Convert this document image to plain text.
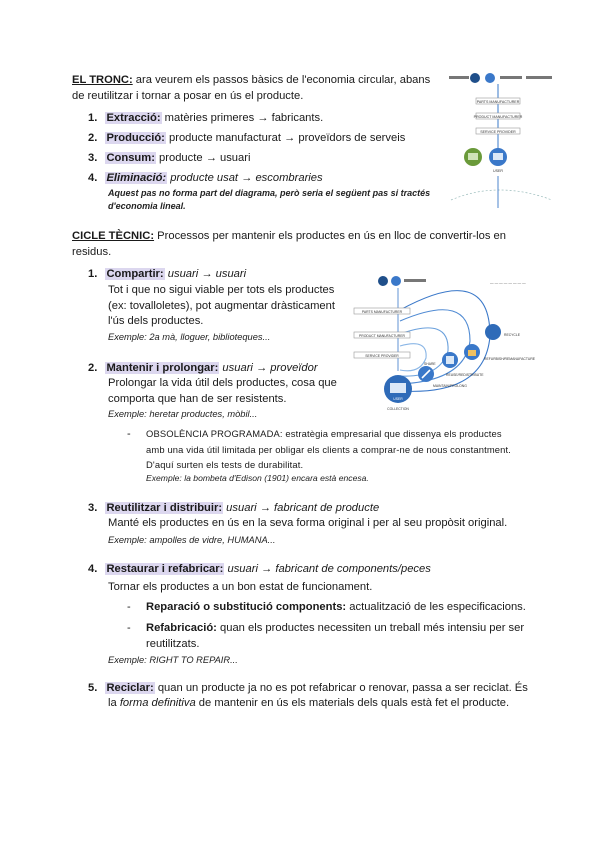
EL TRONC: ara veurem els passos bàsics de l'economia circular, abans
de reutilitzar i tornar a posar en ús el producte.
1. Extracció: matèries primeres → fabricants.
2. Producció: producte manufacturat → proveïdors de serveis
3. Consum: producte → usuari
4. Eliminació: producte usat → escombraries
Aquest pas no forma part del diagrama, però seria el següent pas si tractés
d'economia lineal.
PARTS MANUFACTURER
PRODUCT MANUFACTURER
SERVICE PROVIDER
USER
CICLE TÈCNIC: Processos per mantenir els productes en ús en lloc de convertir-los en
residus.
1. Compartir: usuari → usuari
Tot i que no sigui viable per tots els productes
(ex: tovalloletes), pot augmentar dràsticament
l'ús dels productes.
Exemple: 2a mà, lloguer, biblioteques...
2. Mantenir i prolongar: usuari → proveïdor
Prolongar la vida útil dels productes, cosa que
comporta que han de ser resistents.
Exemple: heretar productes, mòbil...
- OBSOLÈNCIA PROGRAMADA: estratègia empresarial que dissenya els productes
amb una vida útil limitada per obligar els clients a comprar-ne de nous constantment.
D'aquí surten els tests de durabilitat.
Exemple: la bombeta d'Edison (1901) encara està encesa.
3. Reutilitzar i distribuir: usuari → fabricant de producte
Manté els productes en ús en la seva forma original i per al seu propòsit original.
Exemple: ampolles de vidre, HUMANA...
4. Restaurar i refabricar: usuari → fabricant de components/peces
Tornar els productes a un bon estat de funcionament.
- Reparació o substitució components: actualització de les especificacions.
- Refabricació: quan els productes necessiten un treball més intensiu per ser
reutilitzats.
Exemple: RIGHT TO REPAIR...
5. Reciclar: quan un producte ja no es pot refabricar o renovar, passa a ser reciclat. És
la forma definitiva de mantenir en ús els materials dels quals està fet el producte.
— — — — — — — —
PARTS MANUFACTURER
PRODUCT MANUFACTURER
SERVICE PROVIDER
USER
COLLECTION
MAINTAIN/PROLONG
REUSE/REDISTRIBUTE
REFURBISH/REMANUFACTURE
RECYCLE
SHARE
